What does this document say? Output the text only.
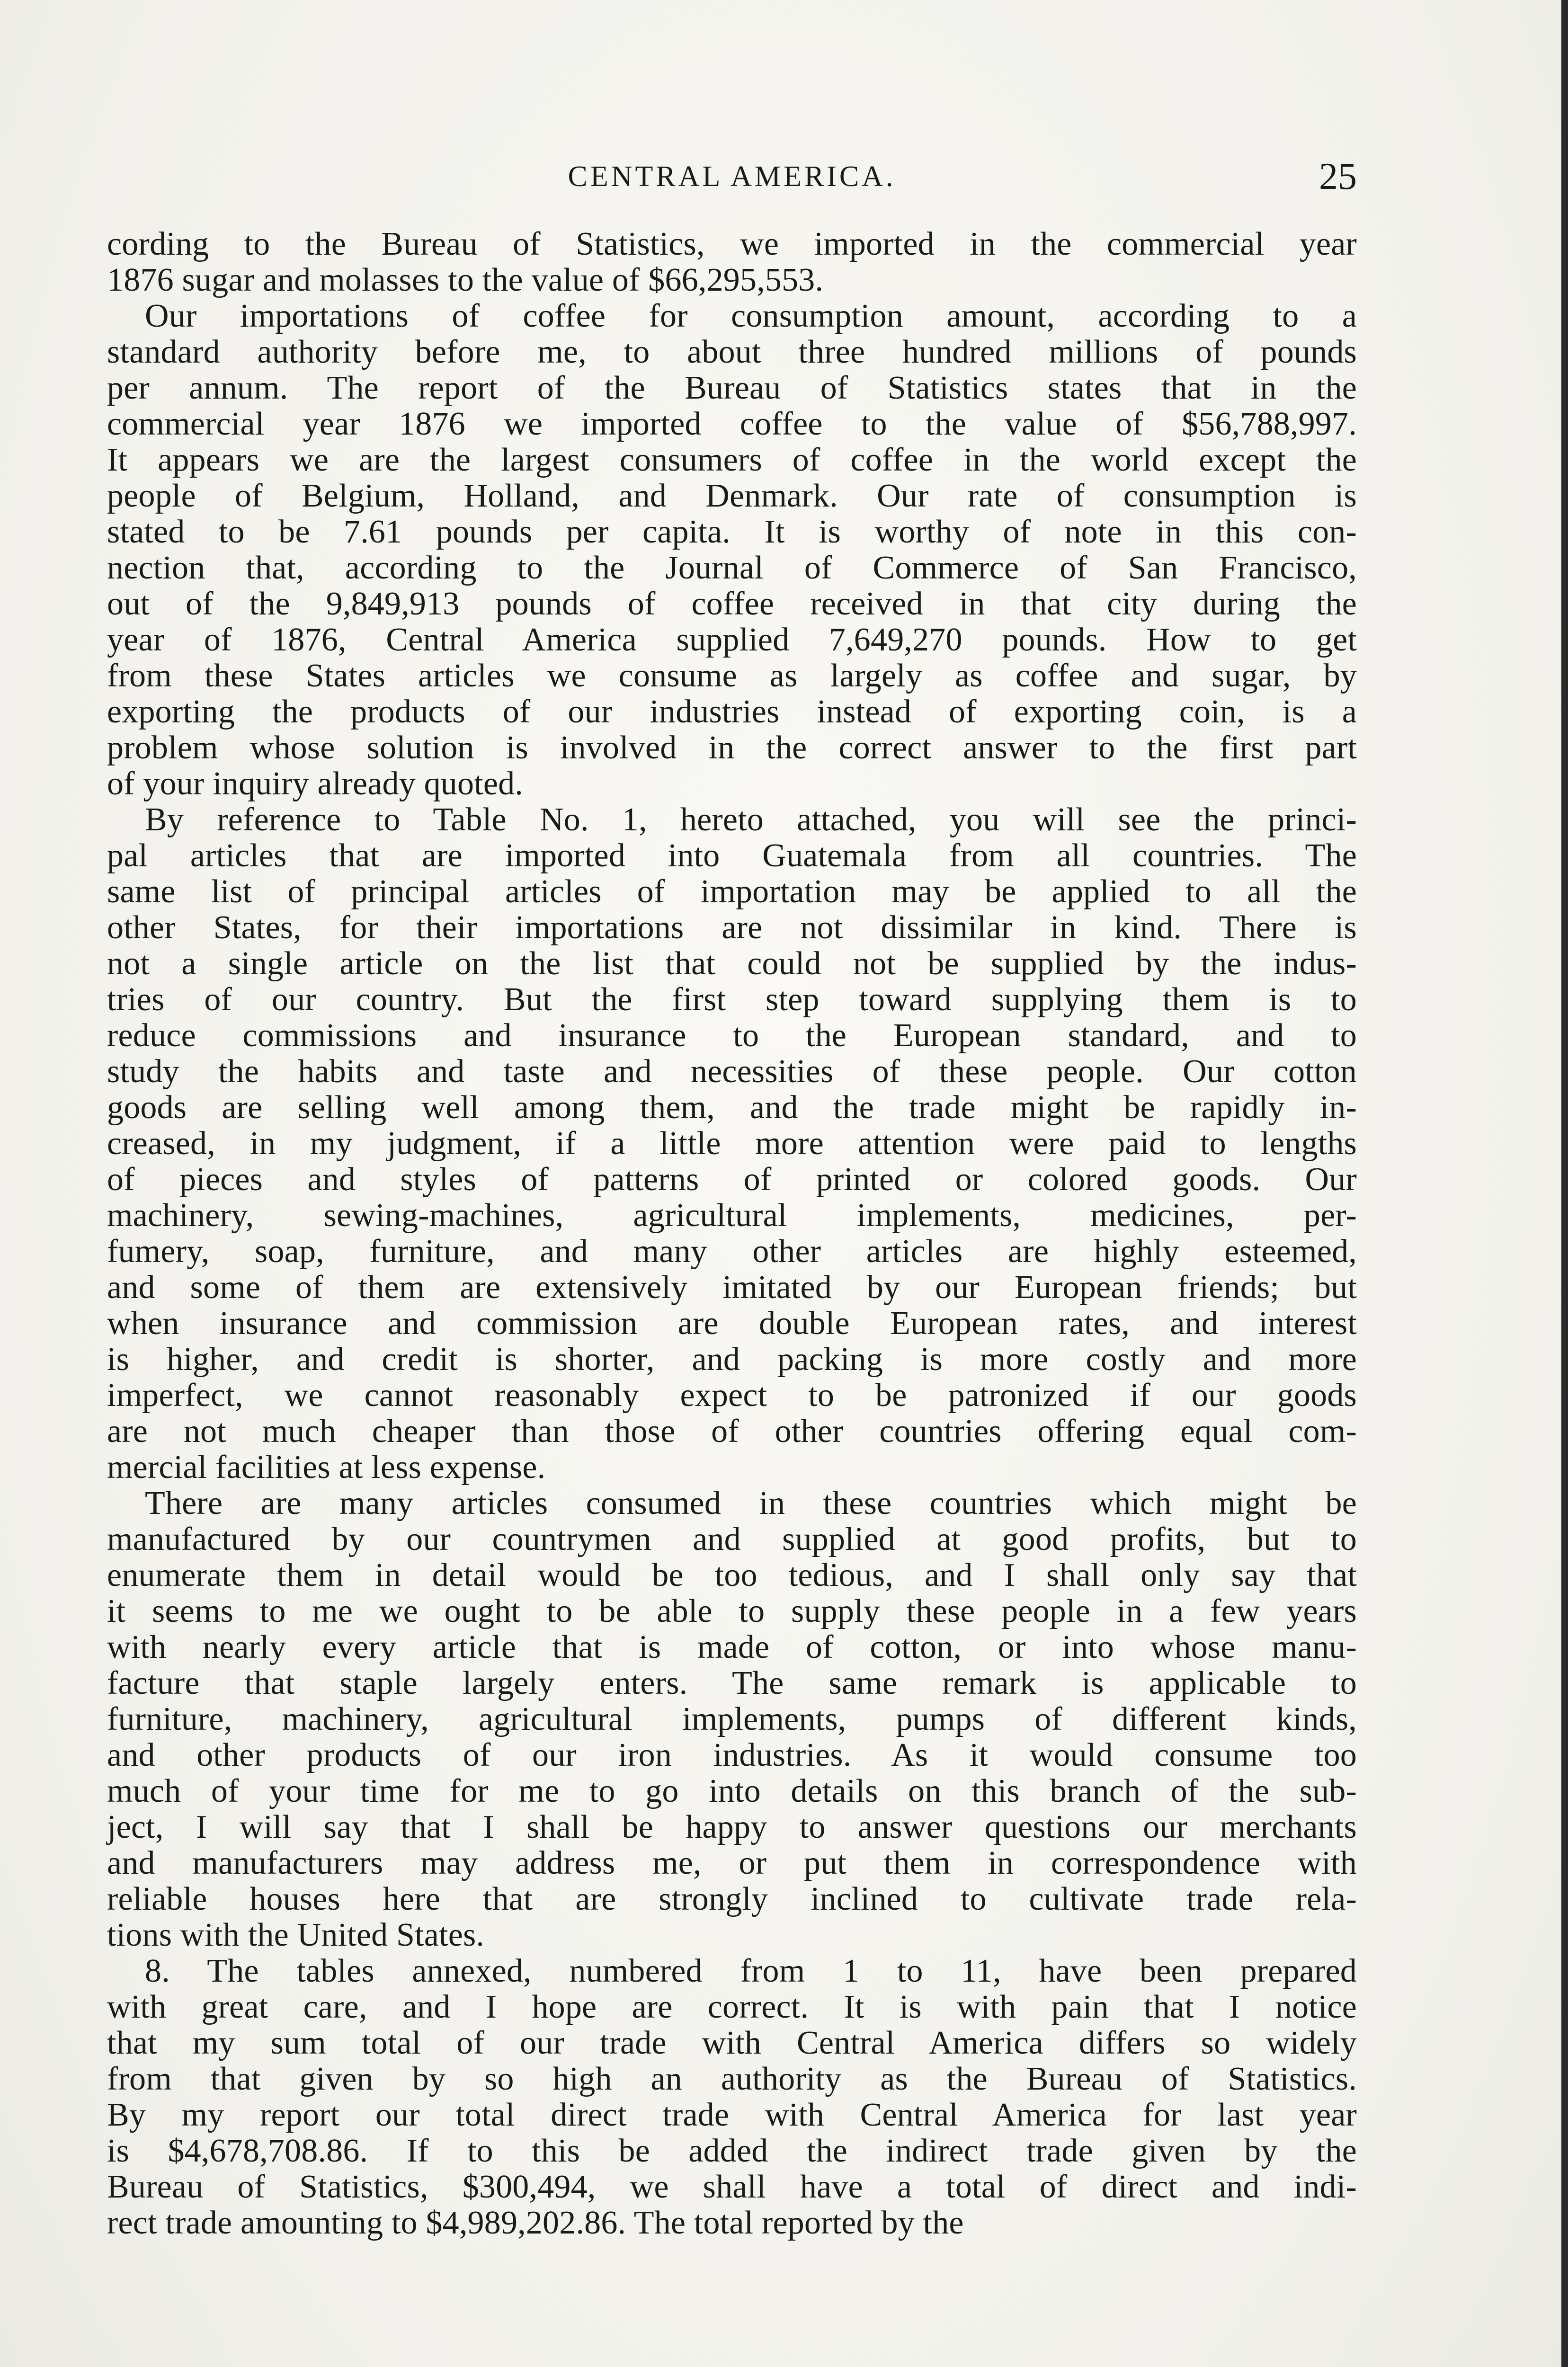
CENTRAL AMERICA.	25
cording to the Bureau of Statistics, we imported in the commercial year
1876 sugar and molasses to the value of $66,295,553.
Our importations of coffee for consumption amount, according to a
standard authority before me, to about three hundred millions of pounds
per annum. The report of the Bureau of Statistics states that in the
commercial year 1876 we imported coffee to the value of $56,788,997.
It appears we are the largest consumers of coffee in the world except the
people of Belgium, Holland, and Denmark. Our rate of consumption is
stated to be 7.61 pounds per capita. It is worthy of note in this con-
nection that, according to the Journal of Commerce of San Francisco,
out of the 9,849,913 pounds of coffee received in that city during the
year of 1876, Central America supplied 7,649,270 pounds. How to get
from these States articles we consume as largely as coffee and sugar, by
exporting the products of our industries instead of exporting coin, is a
problem whose solution is involved in the correct answer to the first part
of your inquiry already quoted.
By reference to Table No. 1, hereto attached, you will see the princi-
pal articles that are imported into Guatemala from all countries. The
same list of principal articles of importation may be applied to all the
other States, for their importations are not dissimilar in kind. There is
not a single article on the list that could not be supplied by the indus-
tries of our country. But the first step toward supplying them is to
reduce commissions and insurance to the European standard, and to
study the habits and taste and necessities of these people. Our cotton
goods are selling well among them, and the trade might be rapidly in-
creased, in my judgment, if a little more attention were paid to lengths
of pieces and styles of patterns of printed or colored goods. Our
machinery, sewing-machines, agricultural implements, medicines, per-
fumery, soap, furniture, and many other articles are highly esteemed,
and some of them are extensively imitated by our European friends; but
when insurance and commission are double European rates, and interest
is higher, and credit is shorter, and packing is more costly and more
imperfect, we cannot reasonably expect to be patronized if our goods
are not much cheaper than those of other countries offering equal com-
mercial facilities at less expense.
There are many articles consumed in these countries which might be
manufactured by our countrymen and supplied at good profits, but to
enumerate them in detail would be too tedious, and I shall only say that
it seems to me we ought to be able to supply these people in a few years
with nearly every article that is made of cotton, or into whose manu-
facture that staple largely enters. The same remark is applicable to
furniture, machinery, agricultural implements, pumps of different kinds,
and other products of our iron industries. As it would consume too
much of your time for me to go into details on this branch of the sub-
ject, I will say that I shall be happy to answer questions our merchants
and manufacturers may address me, or put them in correspondence with
reliable houses here that are strongly inclined to cultivate trade rela-
tions with the United States.
8. The tables annexed, numbered from 1 to 11, have been prepared
with great care, and I hope are correct. It is with pain that I notice
that my sum total of our trade with Central America differs so widely
from that given by so high an authority as the Bureau of Statistics.
By my report our total direct trade with Central America for last year
is $4,678,708.86. If to this be added the indirect trade given by the
Bureau of Statistics, $300,494, we shall have a total of direct and indi-
rect trade amounting to $4,989,202.86. The total reported by the
